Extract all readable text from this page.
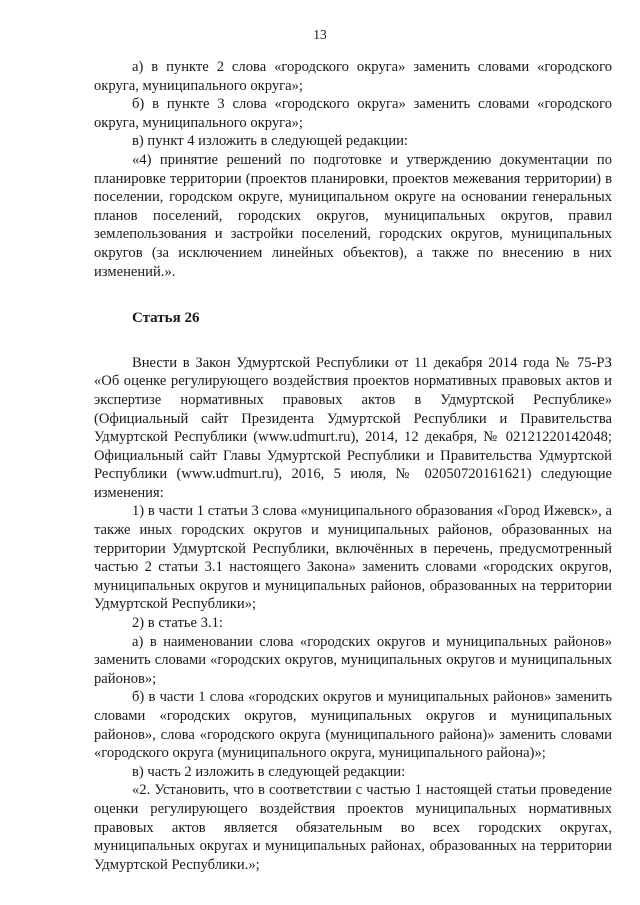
13

а) в пункте 2 слова «городского округа» заменить словами «городского округа, муниципального округа»;

б) в пункте 3 слова «городского округа» заменить словами «городского округа, муниципального округа»;

в) пункт 4 изложить в следующей редакции:

«4) принятие решений по подготовке и утверждению документации по планировке территории (проектов планировки, проектов межевания территории) в поселении, городском округе, муниципальном округе на основании генеральных планов поселений, городских округов, муниципальных округов, правил землепользования и застройки поселений, городских округов, муниципальных округов (за исключением линейных объектов), а также по внесению в них изменений.».

Статья 26

Внести в Закон Удмуртской Республики от 11 декабря 2014 года № 75-РЗ «Об оценке регулирующего воздействия проектов нормативных правовых актов и экспертизе нормативных правовых актов в Удмуртской Республике» (Официальный сайт Президента Удмуртской Республики и Правительства Удмуртской Республики (www.udmurt.ru), 2014, 12 декабря, № 02121220142048; Официальный сайт Главы Удмуртской Республики и Правительства Удмуртской Республики (www.udmurt.ru), 2016, 5 июля, № 02050720161621) следующие изменения:

1) в части 1 статьи 3 слова «муниципального образования «Город Ижевск», а также иных городских округов и муниципальных районов, образованных на территории Удмуртской Республики, включённых в перечень, предусмотренный частью 2 статьи 3.1 настоящего Закона» заменить словами «городских округов, муниципальных округов и муниципальных районов, образованных на территории Удмуртской Республики»;

2) в статье 3.1:

а) в наименовании слова «городских округов и муниципальных районов» заменить словами «городских округов, муниципальных округов и муниципальных районов»;

б) в части 1 слова «городских округов и муниципальных районов» заменить словами «городских округов, муниципальных округов и муниципальных районов», слова «городского округа (муниципального района)» заменить словами «городского округа (муниципального округа, муниципального района)»;

в) часть 2 изложить в следующей редакции:

«2. Установить, что в соответствии с частью 1 настоящей статьи проведение оценки регулирующего воздействия проектов муниципальных нормативных правовых актов является обязательным во всех городских округах, муниципальных округах и муниципальных районах, образованных на территории Удмуртской Республики.»;
